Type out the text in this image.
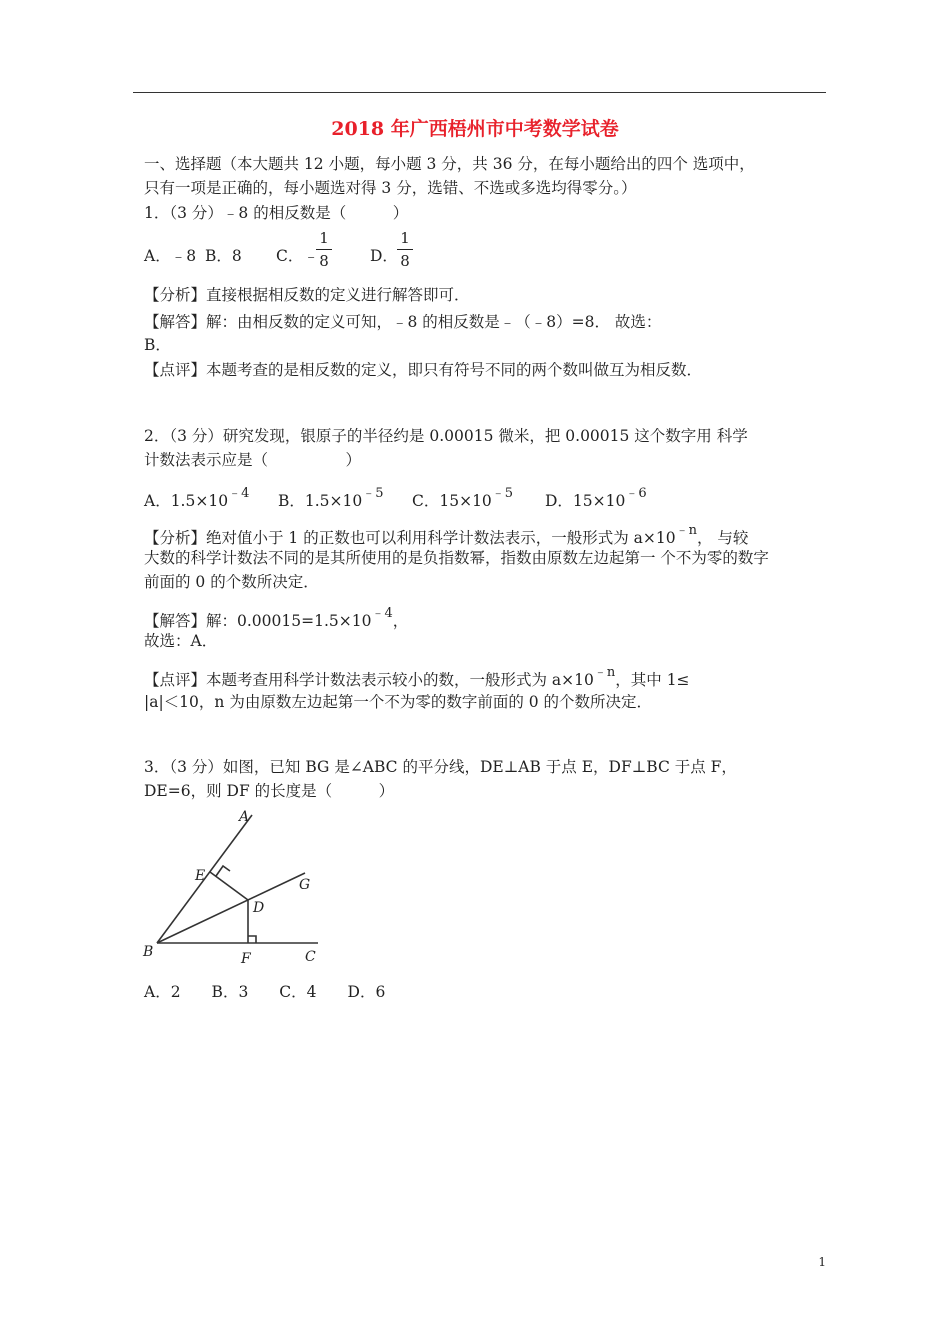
2018 年广西梧州市中考数学试卷
一、选择题（本大题共 12 小题，每小题 3 分，共 36 分，在每小题给出的四个 选项中，
只有一项是正确的，每小题选对得 3 分，选错、不选或多选均得零分。）
1．（3 分）﹣8 的相反数是（　　　）
A．﹣8 B．8 C．﹣
1
8	D．
1
8
【分析】直接根据相反数的定义进行解答即可．
【解答】解：由相反数的定义可知，﹣8 的相反数是﹣（﹣8）=8． 故选：
B．
【点评】本题考查的是相反数的定义，即只有符号不同的两个数叫做互为相反数．
2．（3 分）研究发现，银原子的半径约是 0.00015 微米，把 0.00015 这个数字用 科学
计数法表示应是（　　　　　）
A．$1.5\times 10^{﹣4}$ B．$1.5\times 10^{﹣5}$ C．$15\times 10^{﹣5}$ D．$15\times 10^{﹣6}$
【分析】绝对值小于 1 的正数也可以利用科学计数法表示，一般形式为 $a\times 10^{﹣n}$， 与较
大数的科学计数法不同的是其所使用的是负指数幂，指数由原数左边起第一 个不为零的数字
前面的 0 的个数所决定．
【解答】解：$0.00015=1.5\times 10^{﹣4}$，
故选：A．
【点评】本题考查用科学计数法表示较小的数，一般形式为 $a\times 10^{﹣n}$，其中 1≤
|a|＜10，n 为由原数左边起第一个不为零的数字前面的 0 的个数所决定．
3．（3 分）如图，已知 BG 是∠ABC 的平分线，DE⊥AB 于点 E，DF⊥BC 于点 F，
DE=6，则 DF 的长度是（　　　）
A
E
G
D
B	F	C
A．2　　B．3　　C．4　　D．6
1
